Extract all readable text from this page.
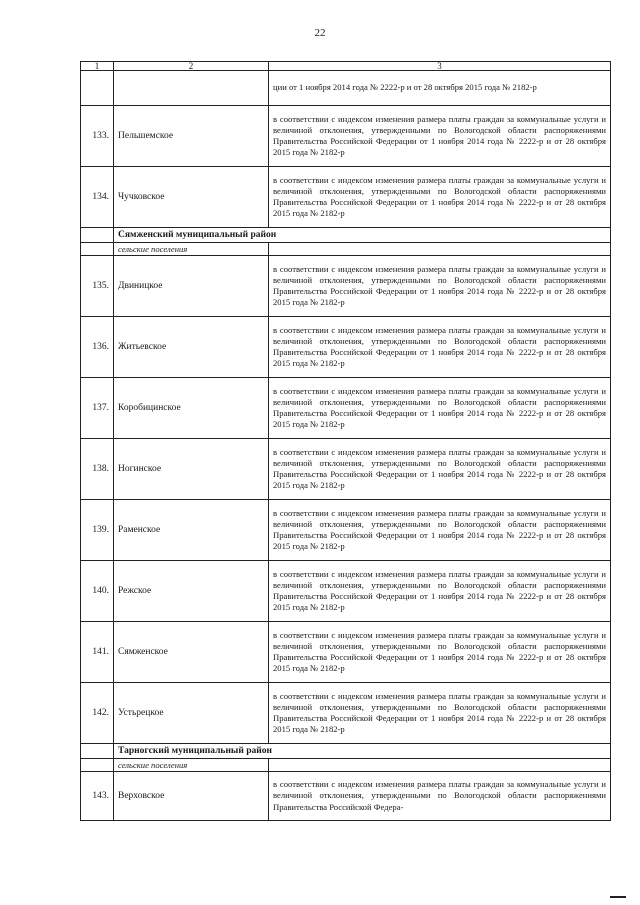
22
1	2	3
		ции от 1 ноября 2014 года № 2222-р и от 28 октября 2015 года № 2182-р
133.	Пельшемское	в соответствии с индексом изменения размера платы граждан за коммунальные услуги и величиной отклонения, утвержденными по Вологодской области распоряжениями Правительства Российской Федерации от 1 ноября 2014 года № 2222-р и от 28 октября 2015 года № 2182-р
134.	Чучковское	в соответствии с индексом изменения размера платы граждан за коммунальные услуги и величиной отклонения, утвержденными по Вологодской области распоряжениями Правительства Российской Федерации от 1 ноября 2014 года № 2222-р и от 28 октября 2015 года № 2182-р
	Сямженский муниципальный район	
	сельские поселения	
135.	Двиницкое	в соответствии с индексом изменения размера платы граждан за коммунальные услуги и величиной отклонения, утвержденными по Вологодской области распоряжениями Правительства Российской Федерации от 1 ноября 2014 года № 2222-р и от 28 октября 2015 года № 2182-р
136.	Житьевское	в соответствии с индексом изменения размера платы граждан за коммунальные услуги и величиной отклонения, утвержденными по Вологодской области распоряжениями Правительства Российской Федерации от 1 ноября 2014 года № 2222-р и от 28 октября 2015 года № 2182-р
137.	Коробицинское	в соответствии с индексом изменения размера платы граждан за коммунальные услуги и величиной отклонения, утвержденными по Вологодской области распоряжениями Правительства Российской Федерации от 1 ноября 2014 года № 2222-р и от 28 октября 2015 года № 2182-р
138.	Ногинское	в соответствии с индексом изменения размера платы граждан за коммунальные услуги и величиной отклонения, утвержденными по Вологодской области распоряжениями Правительства Российской Федерации от 1 ноября 2014 года № 2222-р и от 28 октября 2015 года № 2182-р
139.	Раменское	в соответствии с индексом изменения размера платы граждан за коммунальные услуги и величиной отклонения, утвержденными по Вологодской области распоряжениями Правительства Российской Федерации от 1 ноября 2014 года № 2222-р и от 28 октября 2015 года № 2182-р
140.	Режское	в соответствии с индексом изменения размера платы граждан за коммунальные услуги и величиной отклонения, утвержденными по Вологодской области распоряжениями Правительства Российской Федерации от 1 ноября 2014 года № 2222-р и от 28 октября 2015 года № 2182-р
141.	Сямженское	в соответствии с индексом изменения размера платы граждан за коммунальные услуги и величиной отклонения, утвержденными по Вологодской области распоряжениями Правительства Российской Федерации от 1 ноября 2014 года № 2222-р и от 28 октября 2015 года № 2182-р
142.	Устьрецкое	в соответствии с индексом изменения размера платы граждан за коммунальные услуги и величиной отклонения, утвержденными по Вологодской области распоряжениями Правительства Российской Федерации от 1 ноября 2014 года № 2222-р и от 28 октября 2015 года № 2182-р
	Тарногский муниципальный район	
	сельские поселения	
143.	Верховское	в соответствии с индексом изменения размера платы граждан за коммунальные услуги и величиной отклонения, утвержденными по Вологодской области распоряжениями Правительства Российской Федера-
